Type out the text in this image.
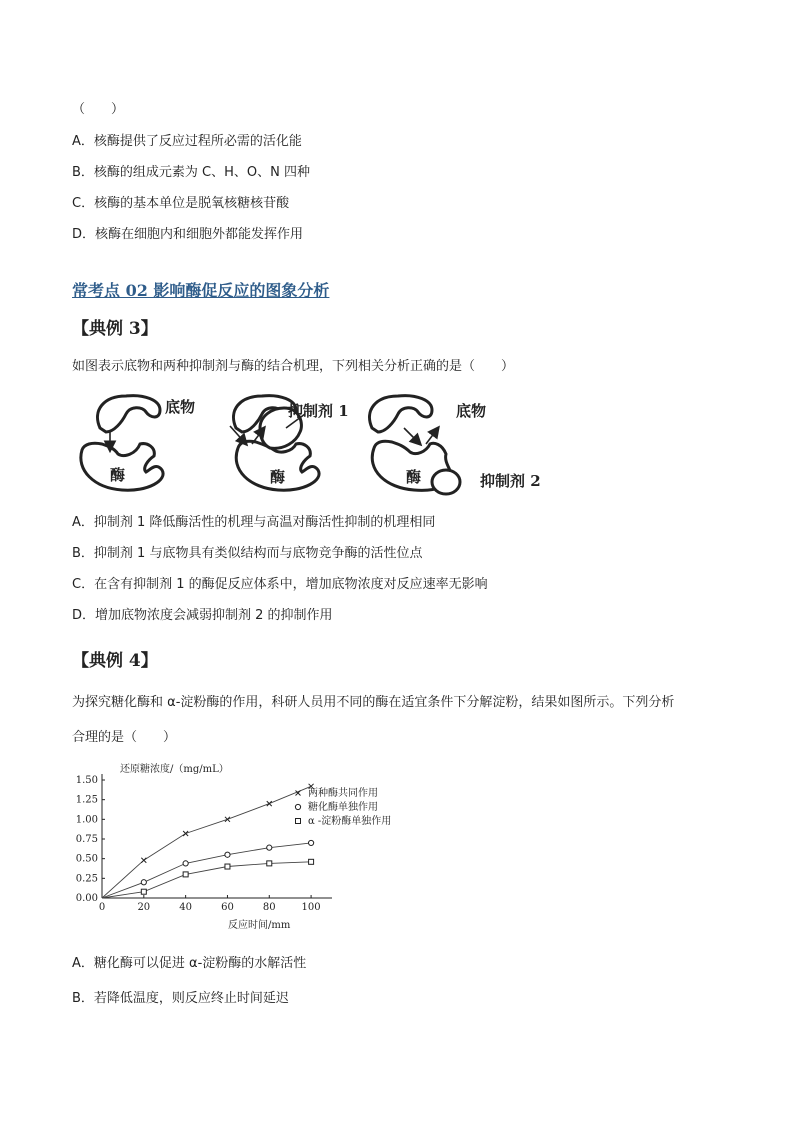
（　　）
A．核酶提供了反应过程所必需的活化能
B．核酶的组成元素为 C、H、O、N 四种
C．核酶的基本单位是脱氧核糖核苷酸
D．核酶在细胞内和细胞外都能发挥作用
常考点 02 影响酶促反应的图象分析
【典例 3】
如图表示底物和两种抑制剂与酶的结合机理，下列相关分析正确的是（　　）
底物
酶
抑制剂 1
酶
底物
酶	抑制剂 2
A．抑制剂 1 降低酶活性的机理与高温对酶活性抑制的机理相同
B．抑制剂 1 与底物具有类似结构而与底物竞争酶的活性位点
C．在含有抑制剂 1 的酶促反应体系中，增加底物浓度对反应速率无影响
D．增加底物浓度会减弱抑制剂 2 的抑制作用
【典例 4】
为探究糖化酶和 α-淀粉酶的作用，科研人员用不同的酶在适宜条件下分解淀粉，结果如图所示。下列分析
合理的是（　　）
还原糖浓度/（mg/mL）
反应时间/mm
0	20	40	60	80	100
0.00
0.25
0.50
0.75
1.00
1.25
1.50
两种酶共同作用
糖化酶单独作用
α -淀粉酶单独作用
A．糖化酶可以促进 α-淀粉酶的水解活性
B．若降低温度，则反应终止时间延迟
